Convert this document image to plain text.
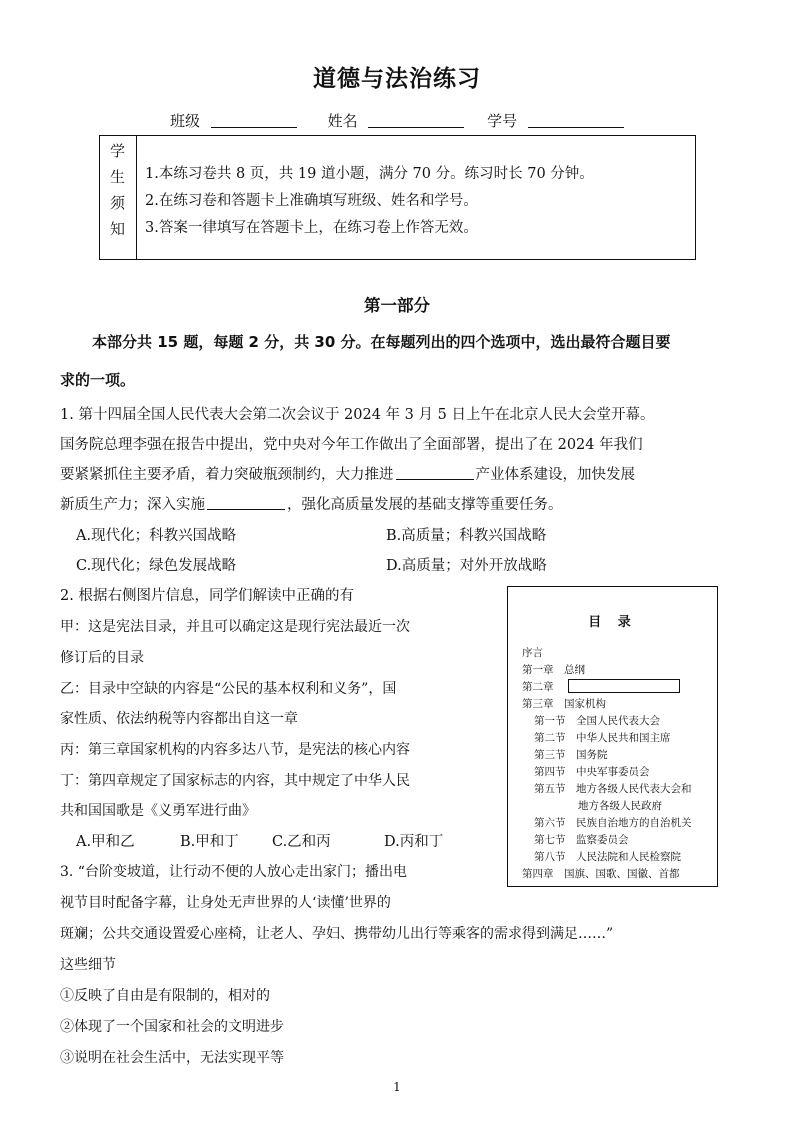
道德与法治练习
班级	姓名	学号
学
生
须
知
1.本练习卷共 8 页，共 19 道小题，满分 70 分。练习时长 70 分钟。
2.在练习卷和答题卡上准确填写班级、姓名和学号。
3.答案一律填写在答题卡上，在练习卷上作答无效。
第一部分
本部分共 15 题，每题 2 分，共 30 分。在每题列出的四个选项中，选出最符合题目要
求的一项。
1. 第十四届全国人民代表大会第二次会议于 2024 年 3 月 5 日上午在北京人民大会堂开幕。
国务院总理李强在报告中提出，党中央对今年工作做出了全面部署，提出了在 2024 年我们
要紧紧抓住主要矛盾，着力突破瓶颈制约，大力推进	产业体系建设，加快发展
新质生产力；深入实施	，强化高质量发展的基础支撑等重要任务。
A.现代化；科教兴国战略	B.高质量；科教兴国战略
C.现代化；绿色发展战略	D.高质量；对外开放战略
2. 根据右侧图片信息，同学们解读中正确的有
甲：这是宪法目录，并且可以确定这是现行宪法最近一次
修订后的目录
乙：目录中空缺的内容是“公民的基本权利和义务”，国
家性质、依法纳税等内容都出自这一章
丙：第三章国家机构的内容多达八节，是宪法的核心内容
丁：第四章规定了国家标志的内容，其中规定了中华人民
共和国国歌是《义勇军进行曲》
A.甲和乙	B.甲和丁 C.乙和丙	D.丙和丁
目 录
序言
第一章　总纲
第二章
第三章　国家机构
第一节　全国人民代表大会
第二节　中华人民共和国主席
第三节　国务院
第四节　中央军事委员会
第五节　地方各级人民代表大会和
地方各级人民政府
第六节　民族自治地方的自治机关
第七节　监察委员会
第八节　人民法院和人民检察院
第四章　国旗、国歌、国徽、首都
3. “台阶变坡道，让行动不便的人放心走出家门；播出电
视节目时配备字幕，让身处无声世界的人‘读懂’世界的
斑斓；公共交通设置爱心座椅，让老人、孕妇、携带幼儿出行等乘客的需求得到满足……”
这些细节
①反映了自由是有限制的，相对的
②体现了一个国家和社会的文明进步
③说明在社会生活中，无法实现平等
1
